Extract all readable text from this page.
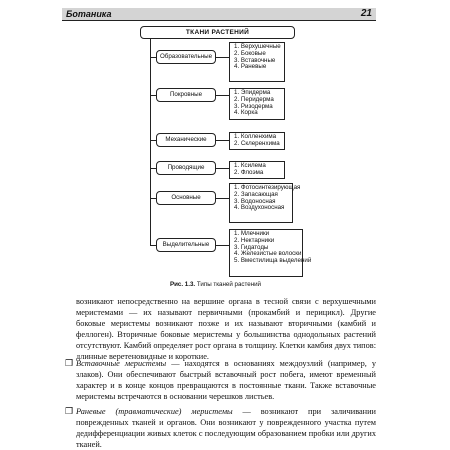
Ботаника	21
ТКАНИ РАСТЕНИЙ
Образовательные
1. Верхушечные
2. Боковые
3. Вставочные
4. Раневые
Покровные	1. Эпидерма
2. Перидерма
3. Ризодерма
4. Корка
Механические	1. Колленхима
2. Склеренхима
Проводящие	1. Ксилема
2. Флоэма
Основные
1. Фотосинтезирующая
2. Запасающая
3. Водоносная
4. Воздухоносная
Выделительные
1. Млечники
2. Нектарники
3. Гидатоды
4. Железистые волоски
5. Вместилища выделений
Рис. 1.3. Типы тканей растений

возникают непосредственно на вершине органа в тесной связи с верхушечными меристемами — их называют первичными (прокамбий и перицикл). Другие боковые меристемы возникают позже и их называют вторичными (камбий и феллоген). Вторичные боковые меристемы у большинства однодольных растений отсутствуют. Камбий определяет рост органа в толщину. Клетки камбия двух типов: длинные веретеновидные и короткие.

❒ Вставочные меристемы — находятся в основаниях междоузлий (например, у злаков). Они обеспечивают быстрый вставочный рост побега, имеют временный характер и в конце концов превращаются в постоянные ткани. Также вставочные меристемы встречаются в основании черешков листьев.

❒ Раневые (травматические) меристемы — возникают при заличивании поврежденных тканей и органов. Они возникают у поврежденного участка путем дедифференциации живых клеток с последующим образованием пробки или других тканей.
